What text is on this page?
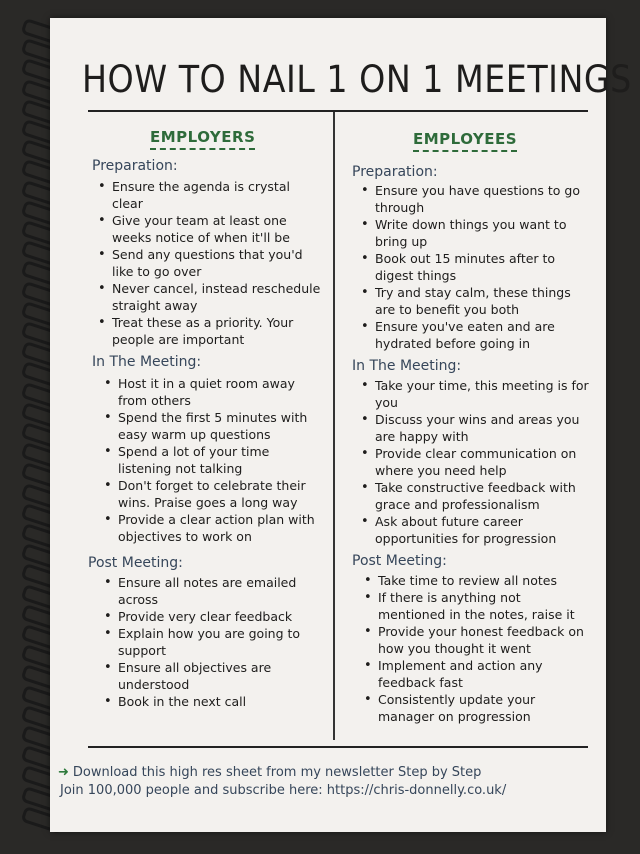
HOW TO NAIL 1 ON 1 MEETINGS
EMPLOYERS
Preparation:
• Ensure the agenda is crystal clear
• Give your team at least one weeks notice of when it'll be
• Send any questions that you'd like to go over
• Never cancel, instead reschedule straight away
• Treat these as a priority. Your people are important
In The Meeting:
• Host it in a quiet room away from others
• Spend the first 5 minutes with easy warm up questions
• Spend a lot of your time listening not talking
• Don't forget to celebrate their wins. Praise goes a long way
• Provide a clear action plan with objectives to work on
Post Meeting:
• Ensure all notes are emailed across
• Provide very clear feedback
• Explain how you are going to support
• Ensure all objectives are understood
• Book in the next call
EMPLOYEES
Preparation:
• Ensure you have questions to go through
• Write down things you want to bring up
• Book out 15 minutes after to digest things
• Try and stay calm, these things are to benefit you both
• Ensure you've eaten and are hydrated before going in
In The Meeting:
• Take your time, this meeting is for you
• Discuss your wins and areas you are happy with
• Provide clear communication on where you need help
• Take constructive feedback with grace and professionalism
• Ask about future career opportunities for progression
Post Meeting:
• Take time to review all notes
• If there is anything not mentioned in the notes, raise it
• Provide your honest feedback on how you thought it went
• Implement and action any feedback fast
• Consistently update your manager on progression
➜ Download this high res sheet from my newsletter Step by Step
Join 100,000 people and subscribe here: https://chris-donnelly.co.uk/
